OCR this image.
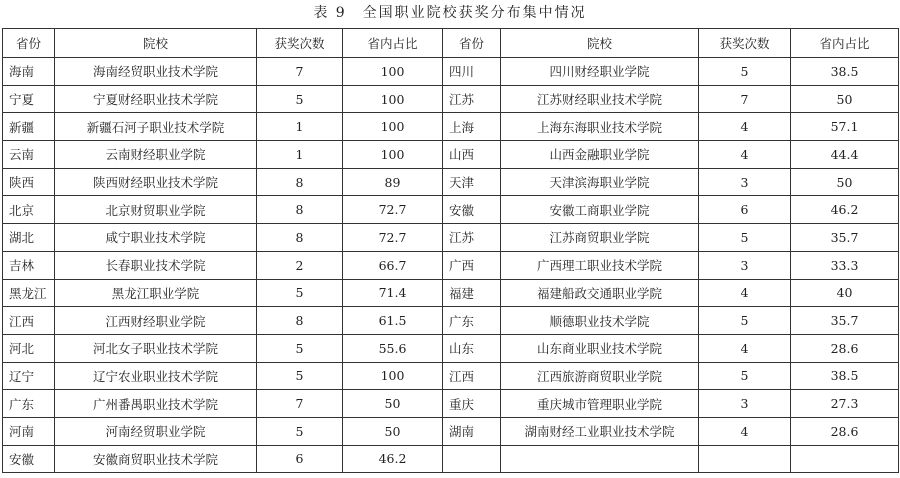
表 9　全国职业院校获奖分布集中情况
省份	院校	获奖次数	省内占比	省份	院校	获奖次数	省内占比
海南	海南经贸职业技术学院	7	100	四川	四川财经职业学院	5	38.5
宁夏	宁夏财经职业技术学院	5	100	江苏	江苏财经职业技术学院	7	50
新疆	新疆石河子职业技术学院	1	100	上海	上海东海职业技术学院	4	57.1
云南	云南财经职业学院	1	100	山西	山西金融职业学院	4	44.4
陕西	陕西财经职业技术学院	8	89	天津	天津滨海职业学院	3	50
北京	北京财贸职业学院	8	72.7	安徽	安徽工商职业学院	6	46.2
湖北	咸宁职业技术学院	8	72.7	江苏	江苏商贸职业学院	5	35.7
吉林	长春职业技术学院	2	66.7	广西	广西理工职业技术学院	3	33.3
黑龙江	黑龙江职业学院	5	71.4	福建	福建船政交通职业学院	4	40
江西	江西财经职业学院	8	61.5	广东	顺德职业技术学院	5	35.7
河北	河北女子职业技术学院	5	55.6	山东	山东商业职业技术学院	4	28.6
辽宁	辽宁农业职业技术学院	5	100	江西	江西旅游商贸职业学院	5	38.5
广东	广州番禺职业技术学院	7	50	重庆	重庆城市管理职业学院	3	27.3
河南	河南经贸职业学院	5	50	湖南	湖南财经工业职业技术学院	4	28.6
安徽	安徽商贸职业技术学院	6	46.2				
